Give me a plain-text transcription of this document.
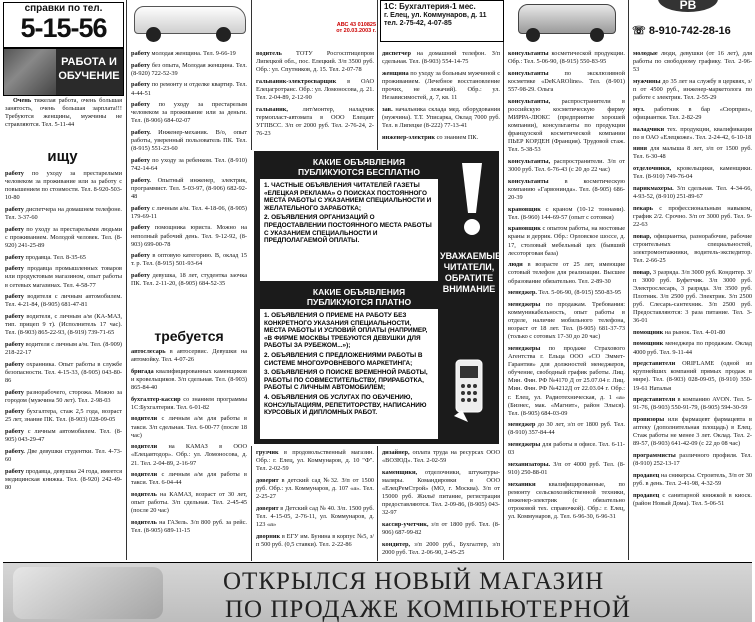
справки по тел.
5-15-56
РАБОТА И ОБУЧЕНИЕ

Очень тяжелая работа, очень большая занятость, очень большая зарплата!!! Требуются женщины, мужчины не стравляются. Тел. 5-11-44

ищу

работу по уходу за престарелыми человеком за проживание или за работу с повышением по стоимости. Тел. 8-920-503-10-80

работу диспетчера на домашнем телефоне. Тел. 3-37-60

работу по уходу за престарелыми людьми с проживанием. Молодой человек. Тел. (8-920) 241-25-89

работу продавца. Тел. 8-35-65

работу продавца промышленных товаров или продуктовым магазином, опыт работы в сетевых магазинах. Тел. 4-58-77

работу водителя с личным автомобилем. Тел. 4-21-84, (8-905) 681-47-81

работу водителя, с личным а/м (КА-МАЗ, тип. прицеп 9 т). (Исполнитель 17 час). Тел. (8-903) 865-22-93, (8-919) 739-71-65

работу водителя с личным а/м. Тел. (8-909) 218-22-17

работу охранника. Опыт работы в службе безопасности. Тел. 4-15-33, (8-905) 043-80-86

работу разнорабочего, сторожа. Можно за городом (мужчина 50 лет). Тел. 2-98-03

работу бухгалтера, стаж 2,5 года, возраст 25 лет, знание ПК. Тел. (8-903) 028-09-05

работу с личным автомобилем. Тел. (8-905) 043-29-47

работу. Две девушки студентки. Тел. 4-73-60

работу продавца, девушка 24 года, имеется медицинская книжка. Тел. (8-920) 242-49-80

АВС 43 010825
от 20.03.2003 г.

работу молодая женщина. Тел. 9-66-19

работу без опыта, Молодая женщина. Тел. (8-920) 722-52-39

работу по ремонту и отделке квартир. Тел. 4-44-51

работу по уходу за престарелым человеком за проживание или за деньги. Тел. (8-906) 684-02-07

работу. Инженер-механик. В/о, опыт работы, уверенный пользователь ПК. Тел. (8-915) 551-23-60

работу по уходу за ребенком. Тел. (8-910) 742-14-64

работу. Опытный инженер, электрик, программист. Тел. 5-03-97, (8-906) 682-92-48

работу с личным а/м. Тел. 4-18-06, (8-905) 179-69-11

работу помощника юриста. Можно на неполный рабочий день. Тел. 9-12-92, (8-903) 699-00-78

работу в оптовую категорию. В, оклад 15 т. р. Тел. (8-915) 501-93-64

работу девушка, 18 лет, студентка заочка ПК. Тел. 2-11-20, (8-905) 684-52-35

требуется

автослесарь в автосервис. Девушки на автомойку. Тел. 4-07-26

бригада квалифицированных каменщиков и кровельщиков. З/п сдельная. Тел. (8-903) 865-84-40

бухгалтер-кассир со знанием программы 1С:Бухгалтерия. Тел. 6-01-82

водители с личным а/м для работы в такси. З/п сдельная. Тел. 6-00-77 (после 18 час)

водители на КАМАЗ в ООО «Елецавтодор». Обр.: ул. Ломоносова, д. 21. Тел. 2-04-89, 2-16-97

водители с личным а/м для работы в такси. Тел. 6-04-44

водитель на КАМАЗ, возраст от 30 лет, опыт работы. З/п сдельная. Тел. 2-45-45 (после 20 час)

водитель на ГАЗель. З/п 800 руб. за рейс. Тел. (8-905) 689-11-15

водитель ТОТУ Росгосптицепром Липецкой обл., пос. Елецкий. З/п 3500 руб. Обр.: ул. Спутников, д. 15. Тел. 2-07-78

гальваник-электросварщик в ОАО Елецагротранс. Обр.: ул. Ломоносова, д. 21. Тел. 2-04-89, 2-12-90

гальваник, лит/монтер, наладчик термопласт-автомата в ООО Елецавт УГПВСС. З/п от 2000 руб. Тел. 2-76-24, 2-76-23

1С: Бухгалтерия-1 мес.
г. Елец, ул. Коммунаров, д. 11
тел. 2-75-42, 4-07-85

диспетчер на домашний телефон. З/п сдельная. Тел. (8-903) 554-14-75

женщина по уходу за больным мужчиной с проживанием. (Лечебное восстановление прочих, не лежачий). Обр.: ул. Независимостей, д. 7, кв. 11

зав. начальника склада мед. оборудования (мужчина). Т.Т. Уписарка, Оклад 7000 руб. Тел. в Липецке (8-222) 77-13-41

инженер-электрик со знанием ПК.

КАКИЕ ОБЪЯВЛЕНИЯ ПУБЛИКУЮТСЯ БЕСПЛАТНО

1. ЧАСТНЫЕ ОБЪЯВЛЕНИЯ ЧИТАТЕЛЕЙ ГАЗЕТЫ «ЕЛЕЦКАЯ РЕКЛАМА» О ПОИСКАХ ПОСТОЯННОГО МЕСТА РАБОТЫ С УКАЗАНИЕМ СПЕЦИАЛЬНОСТИ И ЖЕЛАТЕЛЬНОГО ЗАРАБОТКА;

2. ОБЪЯВЛЕНИЯ ОРГАНИЗАЦИЙ О ПРЕДОСТАВЛЕНИИ ПОСТОЯННОГО МЕСТА РАБОТЫ С УКАЗАНИЕМ СПЕЦИАЛЬНОСТИ И ПРЕДПОЛАГАЕМОЙ ОПЛАТЫ.

КАКИЕ ОБЪЯВЛЕНИЯ ПУБЛИКУЮТСЯ ПЛАТНО

1. ОБЪЯВЛЕНИЯ О ПРИЕМЕ НА РАБОТУ БЕЗ КОНКРЕТНОГО УКАЗАНИЯ СПЕЦИАЛЬНОСТИ, МЕСТА РАБОТЫ И УСЛОВИЙ ОПЛАТЫ (НАПРИМЕР, «В ФИРМЕ МОСКВЫ ТРЕБУЮТСЯ ДЕВУШКИ ДЛЯ РАБОТЫ ЗА РУБЕЖОМ...»);

2. ОБЪЯВЛЕНИЯ С ПРЕДЛОЖЕНИЯМИ РАБОТЫ В СИСТЕМЕ МНОГОУРОВНЕВОГО МАРКЕТИНГА;

3. ОБЪЯВЛЕНИЯ О ПОИСКЕ ВРЕМЕННОЙ РАБОТЫ, РАБОТЫ ПО СОВМЕСТИТЕЛЬСТВУ, ПРИРАБОТКА, РАБОТЫ С ЛИЧНЫМ АВТОМОБИЛЕМ;

4. ОБЪЯВЛЕНИЯ ОБ УСЛУГАХ ПО ОБУЧЕНИЮ, КОНСУЛЬТАЦИЯМ, РЕПЕТИТОРСТВУ, НАПИСАНИЮ КУРСОВЫХ И ДИПЛОМНЫХ РАБОТ.

УВАЖАЕМЫЕ ЧИТАТЕЛИ, ОБРАТИТЕ ВНИМАНИЕ

грузчик в продовольственный магазин. Обр.: г. Елец, ул. Коммунаров, д. 10 "Ф". Тел. 2-02-59

доверит в детский сад №32. З/п от 1500 руб. Обр.: ул. Коммунаров, д. 107 «а». Тел. 2-25-27

доверит в Детский сад № 40. З/п. 1500 руб. Тел. 4-15-05, 2-76-11, ул. Коммунаров, д. 123 «а»

дворник в ЕГУ им. Бунина в корпус №5, з/п 500 руб. (0,5 ставки). Тел. 2-22-86

дизайнер, оплата труда на ресурсах ООО «ВОЗЮД». Тел. 2-02-59

каменщики, отделочники, штукатуры-маляры. Командировки в ООО «ЕлецРемСтрой» (МО, г. Москва). З/п от 15000 руб. Жильё питание, регистрация предоставляются. Тел. 2-09-86, (8-905) 043-32-97

кассир-учетчик, з/п от 1800 руб. Тел. (8-906) 687-99-82

кондитер, з/п 2000 руб., Бухгалтер, з/п 2000 руб. Тел. 2-06-90, 2-45-25

консультанты косметической продукции. Обр.: Тел. 5-06-90, (8-915) 550-83-95

консультанты по эксклюзивной косметике «DeKAROline». Тел. (8-901) 557-98-29. Ольга

консультанты, распространители в российскую косметическую фирму МИРРА-ЛЮКС (предприятие хорошей компании), консультанты по продукции французской косметической компании ПЬЕР КОРДЕН (Франция). Трудовой стаж. Тел. 5-38-53

консультанты, распространители. З/п от 3000 руб. Тел. 6-76-43 (с 20 до 22 час)

консультанты в косметическую компанию «Гарвонинда». Тел. (8-905) 686-20-39

крановщик с краном (10-12 тоннами). Тел. (8-960) 144-69-57 (опыт с сотовки)

крановщик с опытом работы, на мостовые краны и деррик. Обр.: Орловское шоссе, д. 17, столовый мебельный цех (бывший лесоторговая база)

люди в возрасте от 25 лет, имеющие сотовый телефон для реализации. Высшее образование обязательно. Тел. 2-89-30

менеджер. Тел. 5-06-90, (8-915) 550-83-95

менеджеры по продажам. Требования: коммуникабельность, опыт работы в отделе, наличие мобильного телефона, возраст от 18 лет. Тел. (8-905) 681-37-73 (только с сотовых 17-30 до 20 час)

менеджеры по продаже Страхового Агентства г. Ельца ООО «СО Эммет-Гарантия» для должностей менеджеров, обучение, свободный график работы. Лиц. Мин. Фин. РФ №4170 Д от 25.07.04 г. Лиц. Мин. Фин. РФ №4212Д от 22.03.04 г. Обр.: г. Елец, ул. Радиотехническая, д. 1 «а» (Бизнес, мак. «Магнит», район Элыся). Тел. (8-905) 684-03-09

менеджер до 30 лет, з/п от 1800 руб. Тел. (8-910) 357-84-44

менеджеры для работы в офисе. Тел. 6-11-03

механизаторы. З/п от 4000 руб. Тел. (8-910) 250-88-01

механики квалифицированные, по ремонту сельскохозяйственной техники, инженер-электрик (с обязательно отроковой тех. справочкой). Обр.: г. Елец, ул. Коммунаров, д. Тел. 6-96-30, 6-96-31

РВ
☏ 8-910-742-28-16

молодые люди, девушки (от 16 лет), для работы по свободному графику. Тел. 2-96-53

мужчины до 35 лет на службу в церквях, з/п от 4500 руб., инженер-маркетолога по работе с электрик. Тел. 2-55-29

муз. работник в бар «Сюрприз», официантки. Тел. 2-82-29

наладчики тех. продукции, квалификация по в ОАО «Елецкоже». Тел. 2-24-42, 6-10-18

няня для малыша 8 лет, з/п от 1500 руб. Тел. 6-30-48

отделочники, кровельщики, каменщики. Тел. (8-910) 749-76-04

парикмахеры. З/п сдельная. Тел. 4-34-66, 4-93-52, (8-910) 251-89-67

пекарь с профессиональным навыком, график 2/2. Срочно. З/п от 3000 руб. Тел. 9-22-63

повар, официантка, разнорабочие, рабочие строительных специальностей, электромонтажники, водитель-экспедитор. Тел. 2-66-25

повар, 3 разряда. З/п 3000 руб. Кондитер. З/п 3000 руб. Буфетчик. З/п 3000 руб. Электрослесарь, 3 разряда. З/п 3500 руб. Плотник. З/п 2500 руб. Электрик. З/п 2500 руб. Слесарь-сантехник. З/п 2500 руб. Предоставляются: 3 раза питание. Тел. 3-36-01

помощник на рынок. Тел. 4-01-80

помощник менеджера по продажам. Оклад 4000 руб. Тел. 9-11-44

представители ORIFLAME (одной из крупнейших компаний прямых продаж в мире). Тел. (8-903) 028-09-05, (8-910) 350-19-61 Наталья

представители в компанию AVON. Тел. 5-91-76, (8-903) 550-91-79, (8-905) 594-30-59

провизоры или фармацевт фармацевта в аптеку (дополнительная площадь) в Елец. Стаж работы не менее 3 лет. Оклад. Тел. 2-89-57, (8-903) 641-42-09 (с 22 до 08 час)

программисты различного профиля. Тел. (8-910) 252-13-17

продавец на сникерсы. Строитель, З/п от 30 руб. в день. Тел. 2-41-98, 4-32-59

продавец с санитарной книжкой в киоск. (район Новый Дома). Тел. 5-06-51

ОТКРЫЛСЯ НОВЫЙ МАГАЗИН
ПО ПРОДАЖЕ КОМПЬЮТЕРНОЙ
